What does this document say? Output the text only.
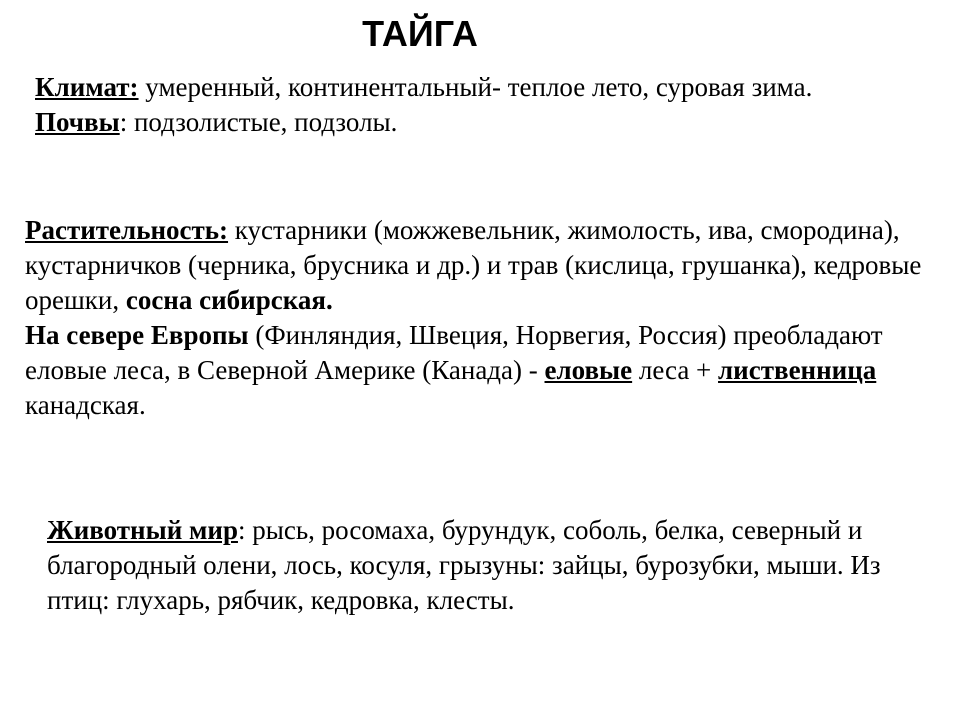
ТАЙГА

Климат: умеренный, континентальный- теплое лето, суровая зима.

Почвы: подзолистые, подзолы.

Растительность: кустарники (можжевельник, жимолость, ива, смородина), кустарничков (черника, брусника и др.) и трав (кислица, грушанка), кедровые орешки, сосна сибирская.

На севере Европы (Финляндия, Швеция, Норвегия, Россия) преобладают еловые леса, в Северной Америке (Канада) - еловые леса + лиственница канадская.

Животный мир: рысь, росомаха, бурундук, соболь, белка, северный и благородный олени, лось, косуля, грызуны: зайцы, бурозубки, мыши. Из птиц: глухарь, рябчик, кедровка, клесты.
